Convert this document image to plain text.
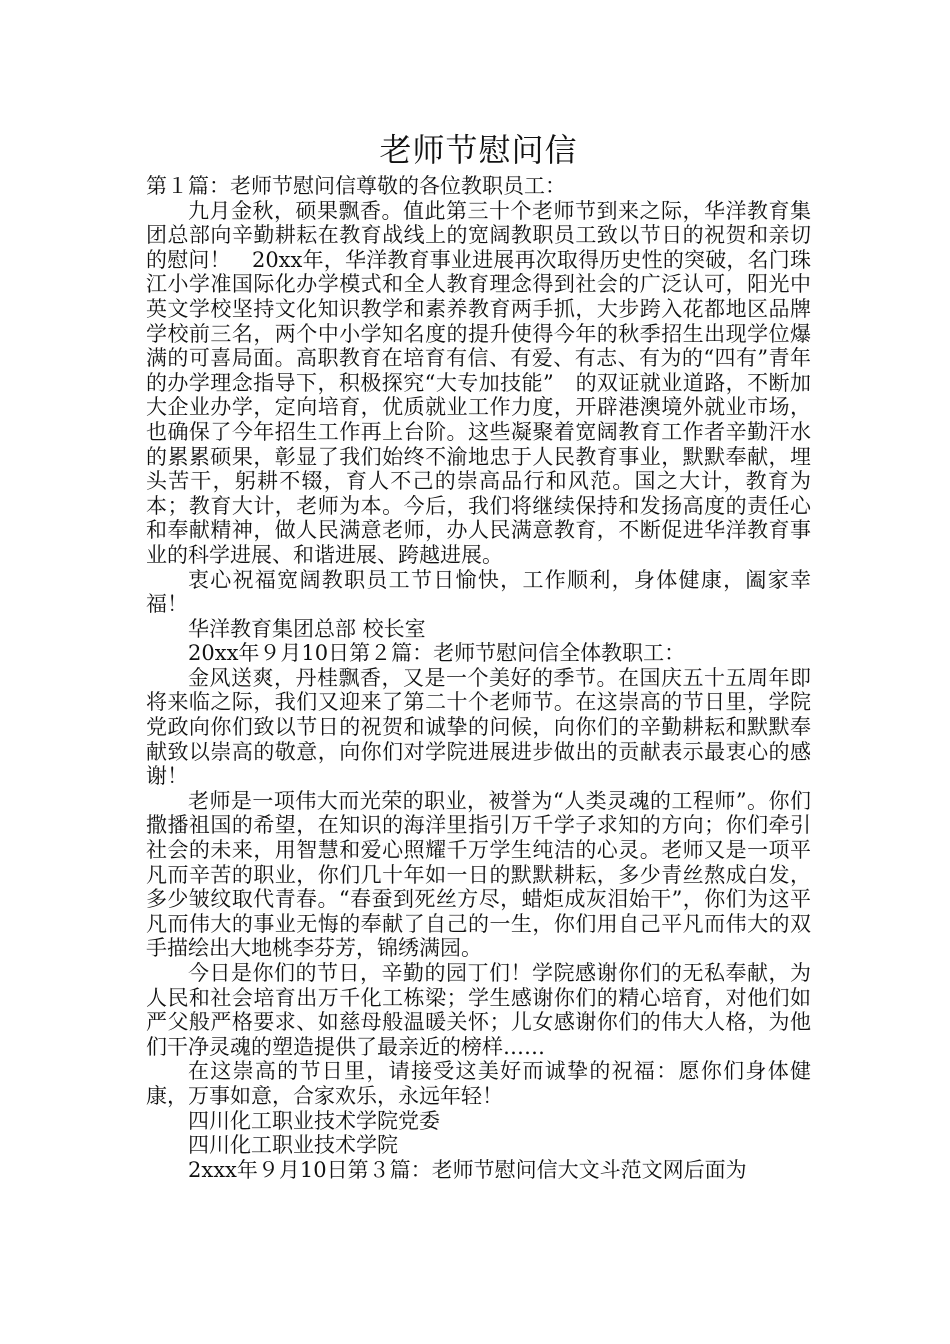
老师节慰问信

第１篇：老师节慰问信尊敬的各位教职员工：

九月金秋，硕果飘香。值此第三十个老师节到来之际，华洋教育集团总部向辛勤耕耘在教育战线上的宽阔教职员工致以节日的祝贺和亲切的慰问！　20xx年，华洋教育事业进展再次取得历史性的突破，名门珠江小学准国际化办学模式和全人教育理念得到社会的广泛认可，阳光中英文学校坚持文化知识教学和素养教育两手抓，大步跨入花都地区品牌学校前三名，两个中小学知名度的提升使得今年的秋季招生出现学位爆满的可喜局面。高职教育在培育有信、有爱、有志、有为的“四有”青年的办学理念指导下，积极探究“大专加技能”　的双证就业道路，不断加大企业办学，定向培育，优质就业工作力度，开辟港澳境外就业市场，也确保了今年招生工作再上台阶。这些凝聚着宽阔教育工作者辛勤汗水的累累硕果，彰显了我们始终不渝地忠于人民教育事业，默默奉献，埋头苦干，躬耕不辍，育人不己的崇高品行和风范。国之大计，教育为本；教育大计，老师为本。今后，我们将继续保持和发扬高度的责任心和奉献精神，做人民满意老师，办人民满意教育，不断促进华洋教育事业的科学进展、和谐进展、跨越进展。

衷心祝福宽阔教职员工节日愉快，工作顺利，身体健康，阖家幸福！

华洋教育集团总部 校长室

20xx年９月10日第２篇：老师节慰问信全体教职工：

金风送爽，丹桂飘香，又是一个美好的季节。在国庆五十五周年即将来临之际，我们又迎来了第二十个老师节。在这崇高的节日里，学院党政向你们致以节日的祝贺和诚挚的问候，向你们的辛勤耕耘和默默奉献致以崇高的敬意，向你们对学院进展进步做出的贡献表示最衷心的感谢！

老师是一项伟大而光荣的职业，被誉为“人类灵魂的工程师”。你们撒播祖国的希望，在知识的海洋里指引万千学子求知的方向；你们牵引社会的未来，用智慧和爱心照耀千万学生纯洁的心灵。老师又是一项平凡而辛苦的职业，你们几十年如一日的默默耕耘，多少青丝熬成白发，多少皱纹取代青春。“春蚕到死丝方尽，蜡炬成灰泪始干”，你们为这平凡而伟大的事业无悔的奉献了自己的一生，你们用自己平凡而伟大的双手描绘出大地桃李芬芳，锦绣满园。

今日是你们的节日，辛勤的园丁们！学院感谢你们的无私奉献，为人民和社会培育出万千化工栋梁；学生感谢你们的精心培育，对他们如严父般严格要求、如慈母般温暖关怀；儿女感谢你们的伟大人格，为他们干净灵魂的塑造提供了最亲近的榜样……

在这崇高的节日里，请接受这美好而诚挚的祝福：愿你们身体健康，万事如意，合家欢乐，永远年轻！

四川化工职业技术学院党委

四川化工职业技术学院

2xxx年９月10日第３篇：老师节慰问信大文斗范文网后面为
